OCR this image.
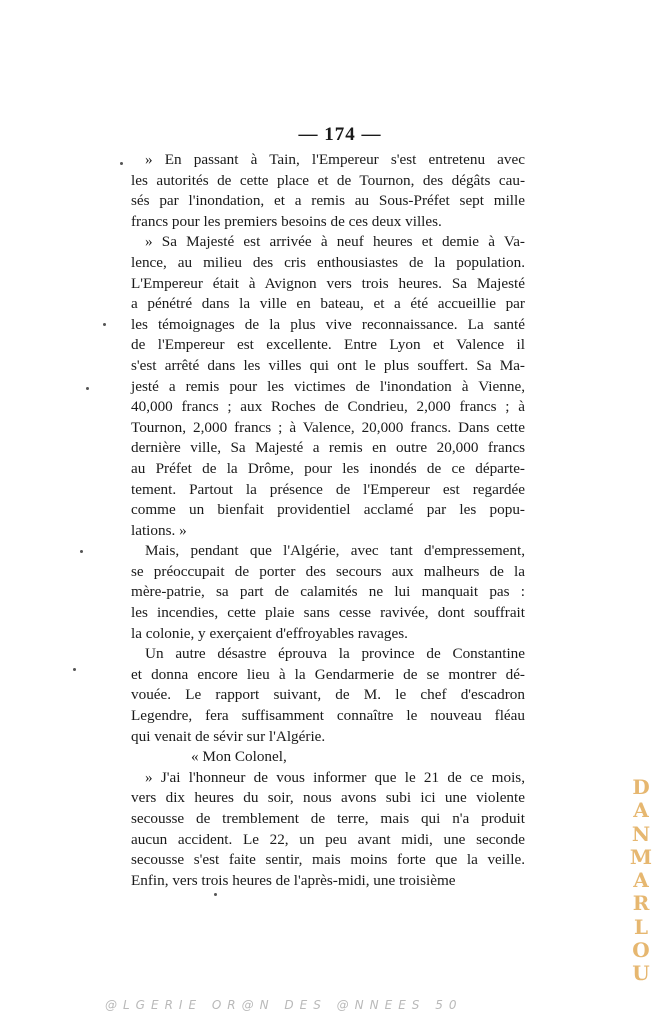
— 174 —
» En passant à Tain, l'Empereur s'est entretenu avec
les autorités de cette place et de Tournon, des dégâts cau-
sés par l'inondation, et a remis au Sous-Préfet sept mille
francs pour les premiers besoins de ces deux villes.
» Sa Majesté est arrivée à neuf heures et demie à Va-
lence, au milieu des cris enthousiastes de la population.
L'Empereur était à Avignon vers trois heures. Sa Majesté
a pénétré dans la ville en bateau, et a été accueillie par
les témoignages de la plus vive reconnaissance. La santé
de l'Empereur est excellente. Entre Lyon et Valence il
s'est arrêté dans les villes qui ont le plus souffert. Sa Ma-
jesté a remis pour les victimes de l'inondation à Vienne,
40,000 francs ; aux Roches de Condrieu, 2,000 francs ; à
Tournon, 2,000 francs ; à Valence, 20,000 francs. Dans cette
dernière ville, Sa Majesté a remis en outre 20,000 francs
au Préfet de la Drôme, pour les inondés de ce départe-
tement. Partout la présence de l'Empereur est regardée
comme un bienfait providentiel acclamé par les popu-
lations. »
Mais, pendant que l'Algérie, avec tant d'empressement,
se préoccupait de porter des secours aux malheurs de la
mère-patrie, sa part de calamités ne lui manquait pas :
les incendies, cette plaie sans cesse ravivée, dont souffrait
la colonie, y exerçaient d'effroyables ravages.
Un autre désastre éprouva la province de Constantine
et donna encore lieu à la Gendarmerie de se montrer dé-
vouée. Le rapport suivant, de M. le chef d'escadron
Legendre, fera suffisamment connaître le nouveau fléau
qui venait de sévir sur l'Algérie.
« Mon Colonel,
» J'ai l'honneur de vous informer que le 21 de ce mois,
vers dix heures du soir, nous avons subi ici une violente
secousse de tremblement de terre, mais qui n'a produit
aucun accident. Le 22, un peu avant midi, une seconde
secousse s'est faite sentir, mais moins forte que la veille.
Enfin, vers trois heures de l'après-midi, une troisième
D
A
N
M
A
R
L
O
U
@LGERIE OR@N DES @NNEES 50
